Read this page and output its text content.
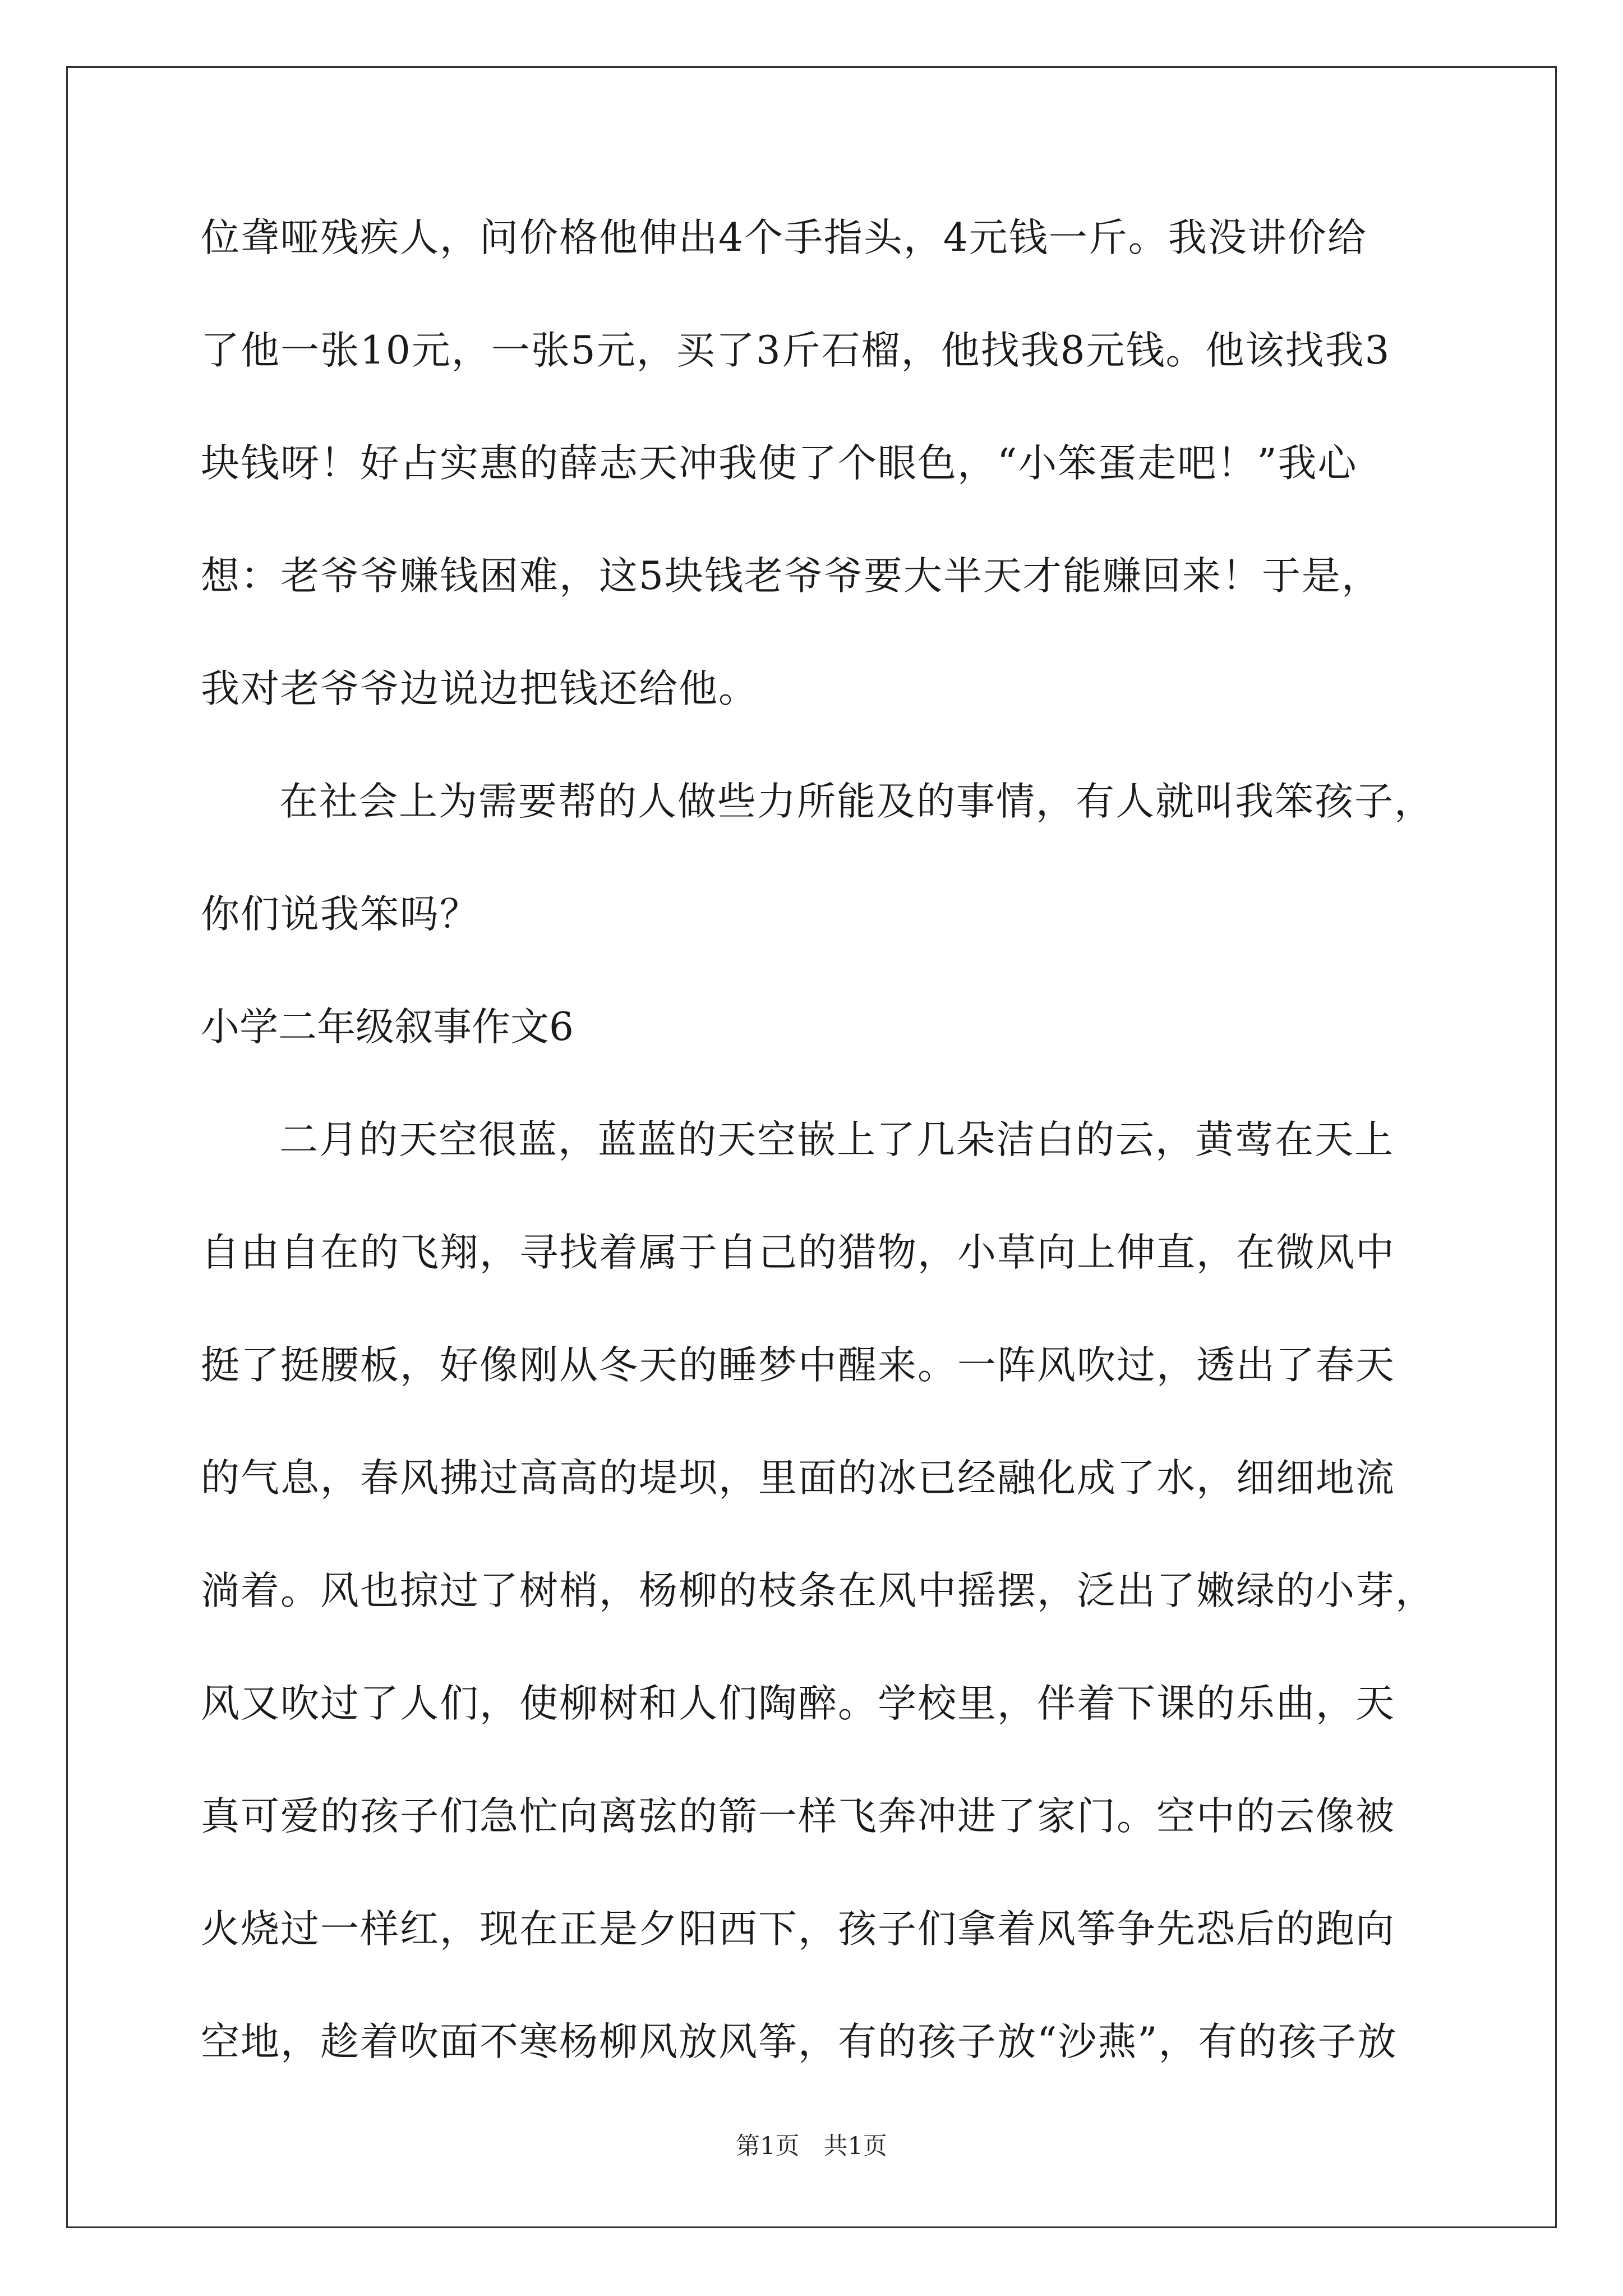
位聋哑残疾人，问价格他伸出4个手指头，4元钱一斤。我没讲价给
了他一张10元，一张5元，买了3斤石榴，他找我8元钱。他该找我3
块钱呀！好占实惠的薛志天冲我使了个眼色，“小笨蛋走吧！”我心
想：老爷爷赚钱困难，这5块钱老爷爷要大半天才能赚回来！于是，
我对老爷爷边说边把钱还给他。
在社会上为需要帮的人做些力所能及的事情，有人就叫我笨孩子，
你们说我笨吗？
小学二年级叙事作文6
二月的天空很蓝，蓝蓝的天空嵌上了几朵洁白的云，黄莺在天上
自由自在的飞翔，寻找着属于自己的猎物，小草向上伸直，在微风中
挺了挺腰板，好像刚从冬天的睡梦中醒来。一阵风吹过，透出了春天
的气息，春风拂过高高的堤坝，里面的冰已经融化成了水，细细地流
淌着。风也掠过了树梢，杨柳的枝条在风中摇摆，泛出了嫩绿的小芽，
风又吹过了人们，使柳树和人们陶醉。学校里，伴着下课的乐曲，天
真可爱的孩子们急忙向离弦的箭一样飞奔冲进了家门。空中的云像被
火烧过一样红，现在正是夕阳西下，孩子们拿着风筝争先恐后的跑向
空地，趁着吹面不寒杨柳风放风筝，有的孩子放“沙燕”，有的孩子放
第1页　共1页
